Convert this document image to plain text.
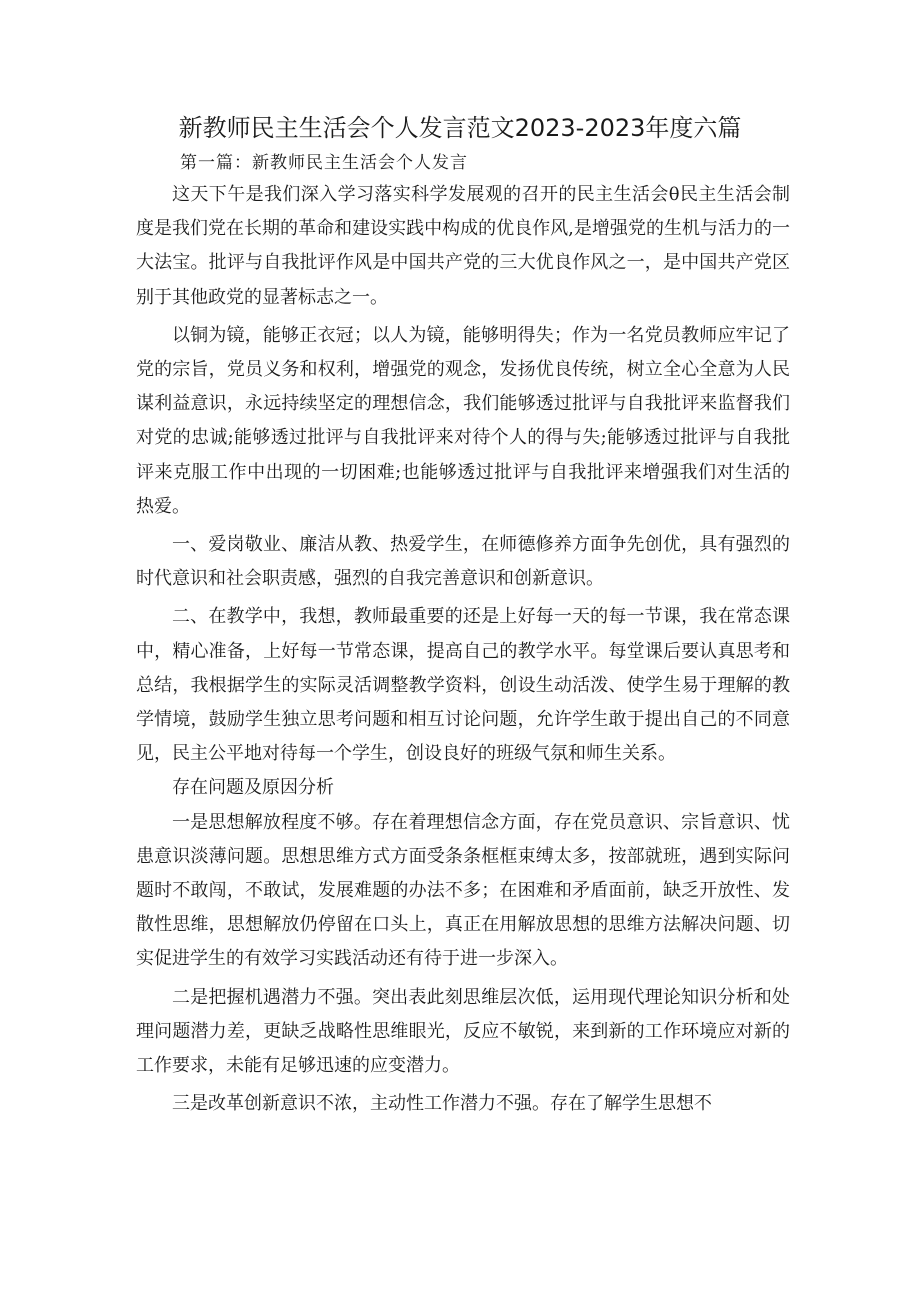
新教师民主生活会个人发言范文2023-2023年度六篇

第一篇：新教师民主生活会个人发言

这天下午是我们深入学习落实科学发展观的召开的民主生活会θ民主生活会制度是我们党在长期的革命和建设实践中构成的优良作风,是增强党的生机与活力的一大法宝。批评与自我批评作风是中国共产党的三大优良作风之一，是中国共产党区别于其他政党的显著标志之一。

以铜为镜，能够正衣冠；以人为镜，能够明得失；作为一名党员教师应牢记了党的宗旨，党员义务和权利，增强党的观念，发扬优良传统，树立全心全意为人民谋利益意识，永远持续坚定的理想信念，我们能够透过批评与自我批评来监督我们对党的忠诚;能够透过批评与自我批评来对待个人的得与失;能够透过批评与自我批评来克服工作中出现的一切困难;也能够透过批评与自我批评来增强我们对生活的热爱。

一、爱岗敬业、廉洁从教、热爱学生，在师德修养方面争先创优，具有强烈的时代意识和社会职责感，强烈的自我完善意识和创新意识。

二、在教学中，我想，教师最重要的还是上好每一天的每一节课，我在常态课中，精心准备，上好每一节常态课，提高自己的教学水平。每堂课后要认真思考和总结，我根据学生的实际灵活调整教学资料，创设生动活泼、使学生易于理解的教学情境，鼓励学生独立思考问题和相互讨论问题，允许学生敢于提出自己的不同意见，民主公平地对待每一个学生，创设良好的班级气氛和师生关系。

存在问题及原因分析

一是思想解放程度不够。存在着理想信念方面，存在党员意识、宗旨意识、忧患意识淡薄问题。思想思维方式方面受条条框框束缚太多，按部就班，遇到实际问题时不敢闯，不敢试，发展难题的办法不多；在困难和矛盾面前，缺乏开放性、发散性思维，思想解放仍停留在口头上，真正在用解放思想的思维方法解决问题、切实促进学生的有效学习实践活动还有待于进一步深入。

二是把握机遇潜力不强。突出表此刻思维层次低，运用现代理论知识分析和处理问题潜力差，更缺乏战略性思维眼光，反应不敏锐，来到新的工作环境应对新的工作要求，未能有足够迅速的应变潜力。

三是改革创新意识不浓，主动性工作潜力不强。存在了解学生思想不
